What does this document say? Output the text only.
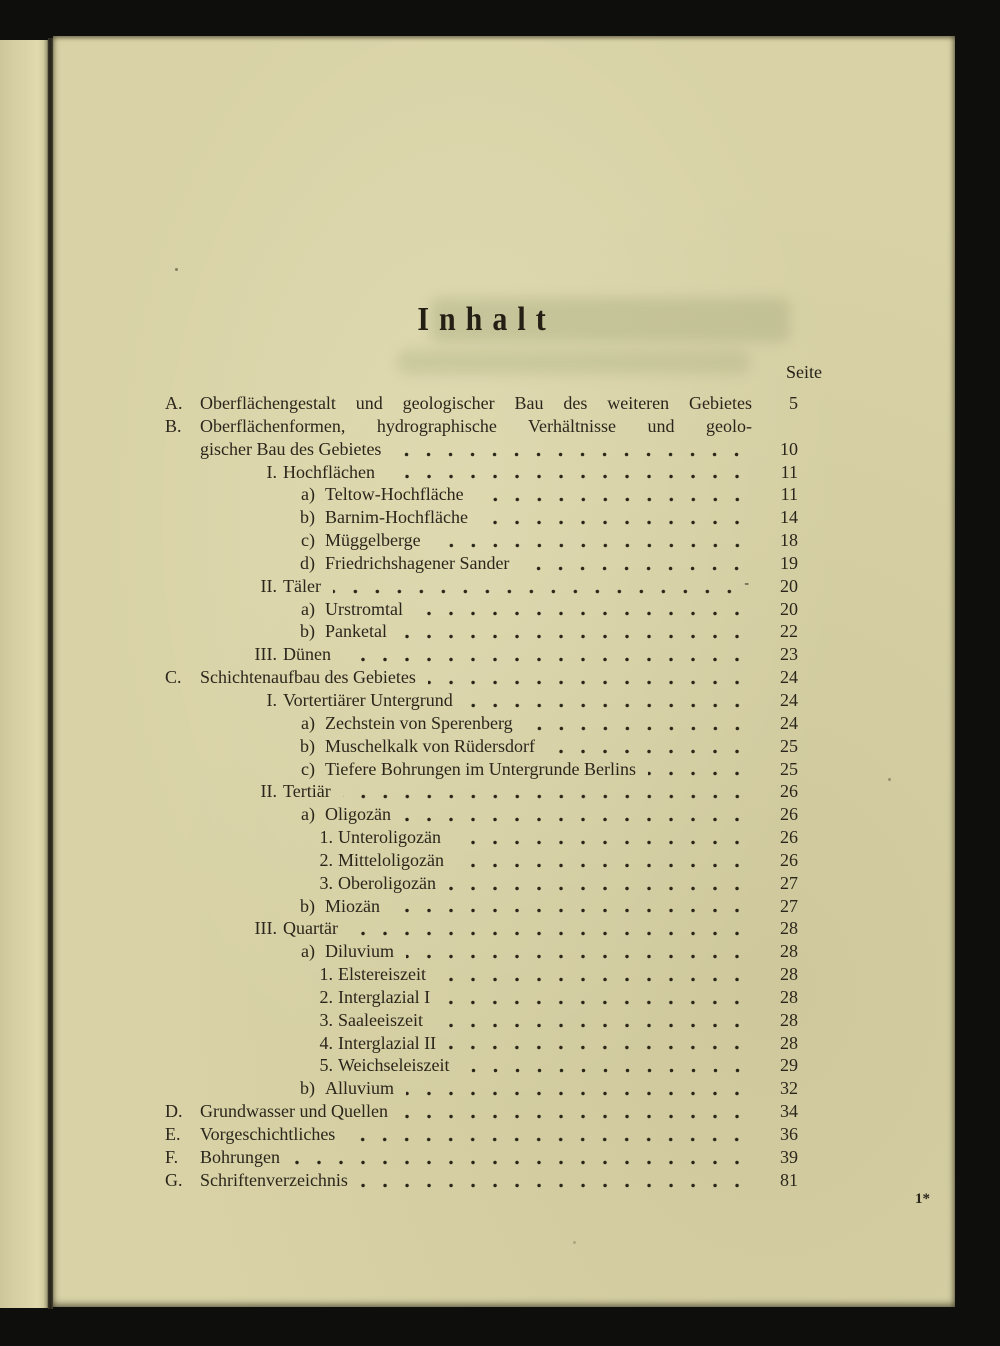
Inhalt
Seite
A. Oberflächengestalt und geologischer Bau des weiteren Gebietes	5
B.	Oberflächenformen, hydrographische Verhältnisse und geolo-
gischer Bau des Gebietes	10
I. Hochflächen	11
a) Teltow-Hochfläche	11
b) Barnim-Hochfläche	14
c) Müggelberge	18
d) Friedrichshagener Sander	19
II. Täler	-	20
a) Urstromtal	20
b) Panketal	22
III. Dünen	23
C.	Schichtenaufbau des Gebietes	24
I. Vortertiärer Untergrund	24
a) Zechstein von Sperenberg	24
b) Muschelkalk von Rüdersdorf	25
c) Tiefere Bohrungen im Untergrunde Berlins	25
II. Tertiär	26
a) Oligozän	26
1. Unteroligozän	26
2. Mitteloligozän	26
3. Oberoligozän	27
b) Miozän	27
III. Quartär	28
a) Diluvium	28
1. Elstereiszeit	28
2. Interglazial I	28
3. Saaleeiszeit	28
4. Interglazial II	28
5. Weichseleiszeit	29
b) Alluvium	32
D. Grundwasser und Quellen	34
E.	Vorgeschichtliches	36
F.	Bohrungen	39
G. Schriftenverzeichnis	81
1*
